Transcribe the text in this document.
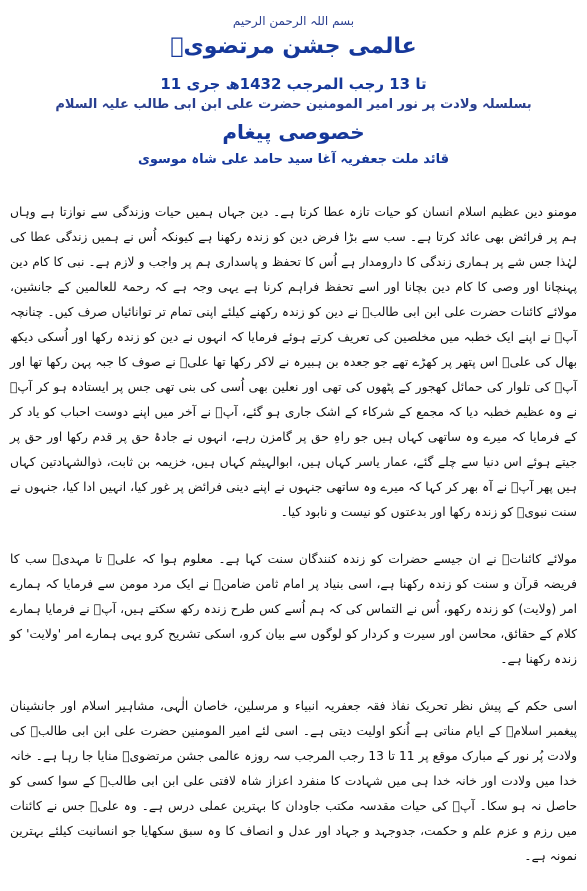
بسم اللہ الرحمن الرحیم
عالمی جشن مرتضویؑ
11 تا 13 رجب المرجب 1432ھ جری
بسلسلہ ولادت پر نور امیر المومنین حضرت علی ابن ابی طالب علیہ السلام
خصوصی پیغام
قائد ملت جعفریہ آغا سید حامد علی شاہ موسوی

مومنو دین عظیم اسلام انسان کو حیات تازہ عطا کرتا ہے۔ دین جہاں ہمیں حیات وزندگی سے نوازتا ہے وہاں ہم پر فرائض بھی عائد کرتا ہے۔ سب سے بڑا فرض دین کو زندہ رکھنا ہے کیونکہ اُس نے ہمیں زندگی عطا کی لہٰذا جس شے پر ہماری زندگی کا دارومدار ہے اُس کا تحفظ و پاسداری ہم پر واجب و لازم ہے۔ نبی کا کام دین پہنچانا اور وصی کا کام دین بچانا اور اسے تحفظ فراہم کرنا ہے یہی وجہ ہے کہ رحمۃ للعالمین کے جانشین، مولائے کائنات حضرت علی ابن ابی طالبؑ نے دین کو زندہ رکھنے کیلئے اپنی تمام تر توانائیاں صرف کیں۔ چنانچہ آپؑ نے اپنے ایک خطبہ میں مخلصین کی تعریف کرتے ہوئے فرمایا کہ انہوں نے دین کو زندہ رکھا اور اُسکی دیکھ بھال کی علیؑ اس پتھر پر کھڑے تھے جو جعدہ بن ہبیرہ نے لاکر رکھا تھا علیؑ نے صوف کا جبہ پہن رکھا تھا اور آپؑ کی تلوار کی حمائل کھجور کے پٹھوں کی تھی اور نعلین بھی اُسی کی بنی تھی جس پر ایستادہ ہو کر آپؑ نے وہ عظیم خطبہ دیا کہ مجمع کے شرکاء کے اشک جاری ہو گئے، آپؑ نے آخر میں اپنے دوست احباب کو یاد کر کے فرمایا کہ میرے وہ ساتھی کہاں ہیں جو راہِ حق پر گامزن رہے، انہوں نے جادۂ حق پر قدم رکھا اور حق پر جیتے ہوئے اس دنیا سے چلے گئے، عمار یاسر کہاں ہیں، ابوالہیثم کہاں ہیں، خزیمہ بن ثابت، ذوالشہادتین کہاں ہیں پھر آپؑ نے آہ بھر کر کہا کہ میرے وہ ساتھی جنہوں نے اپنے دینی فرائض پر غور کیا، انہیں ادا کیا، جنہوں نے سنت نبویؐ کو زندہ رکھا اور بدعتوں کو نیست و نابود کیا۔

مولائے کائناتؑ نے ان جیسے حضرات کو زندہ کنندگان سنت کہا ہے۔ معلوم ہوا کہ علیؑ تا مہدیؑ سب کا فریضہ قرآن و سنت کو زندہ رکھنا ہے، اسی بنیاد پر امام ثامن ضامنؑ نے ایک مرد مومن سے فرمایا کہ ہمارے امر (ولایت) کو زندہ رکھو، اُس نے التماس کی کہ ہم اُسے کس طرح زندہ رکھ سکتے ہیں، آپؑ نے فرمایا ہمارے کلام کے حقائق، محاسن اور سیرت و کردار کو لوگوں سے بیان کرو، اسکی تشریح کرو یہی ہمارے امر 'ولایت' کو زندہ رکھنا ہے۔

اسی حکم کے پیش نظر تحریک نفاذ فقہ جعفریہ انبیاء و مرسلین، خاصان الٰہی، مشاہیر اسلام اور جانشینان پیغمبر اسلامؐ کے ایام مناتی ہے اُنکو اولیت دیتی ہے۔ اسی لئے امیر المومنین حضرت علی ابن ابی طالبؑ کی ولادت پُر نور کے مبارک موقع پر 11 تا 13 رجب المرجب سہ روزہ عالمی جشن مرتضویؑ منایا جا رہا ہے۔ خانہ خدا میں ولادت اور خانہ خدا ہی میں شہادت کا منفرد اعزاز شاہ لافتی علی ابن ابی طالبؑ کے سوا کسی کو حاصل نہ ہو سکا۔ آپؑ کی حیات مقدسہ مکتب جاودان کا بہترین عملی درس ہے۔ وہ علیؑ جس نے کائنات میں رزم و عزم علم و حکمت، جدوجہد و جہاد اور عدل و انصاف کا وہ سبق سکھایا جو انسانیت کیلئے بہترین نمونہ ہے۔
